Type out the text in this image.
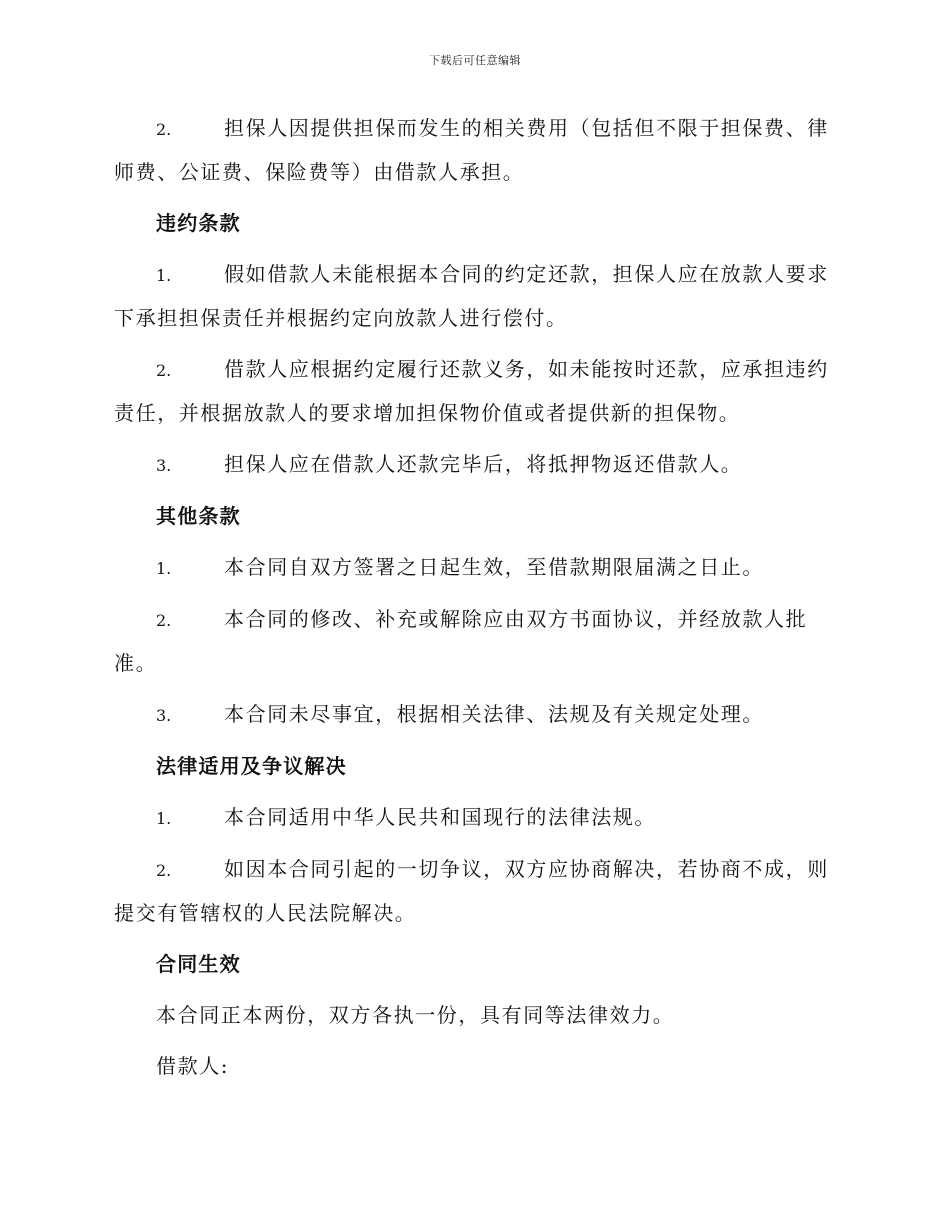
下载后可任意编辑

2.	担保人因提供担保而发生的相关费用（包括但不限于担保费、律师费、公证费、保险费等）由借款人承担。

违约条款

1.	假如借款人未能根据本合同的约定还款，担保人应在放款人要求下承担担保责任并根据约定向放款人进行偿付。

2.	借款人应根据约定履行还款义务，如未能按时还款，应承担违约责任，并根据放款人的要求增加担保物价值或者提供新的担保物。

3.	担保人应在借款人还款完毕后，将抵押物返还借款人。

其他条款

1.	本合同自双方签署之日起生效，至借款期限届满之日止。

2.	本合同的修改、补充或解除应由双方书面协议，并经放款人批准。

3.	本合同未尽事宜，根据相关法律、法规及有关规定处理。

法律适用及争议解决

1.	本合同适用中华人民共和国现行的法律法规。

2.	如因本合同引起的一切争议，双方应协商解决，若协商不成，则提交有管辖权的人民法院解决。

合同生效

本合同正本两份，双方各执一份，具有同等法律效力。

借款人:
